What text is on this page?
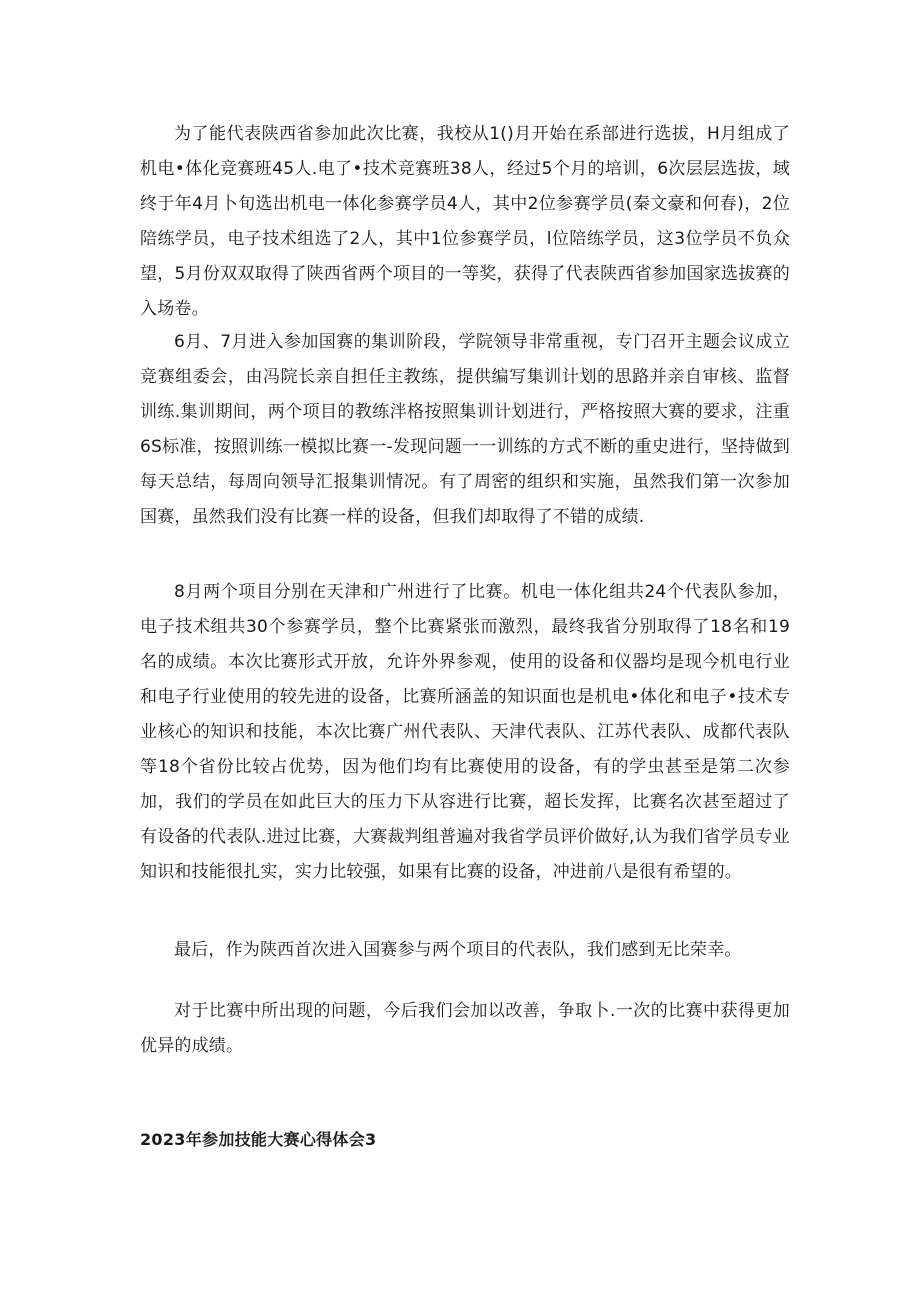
为了能代表陕西省参加此次比赛，我校从1()月开始在系部进行选拔，H月组成了机电•体化竞赛班45人.电了•技术竞赛班38人，经过5个月的培训，6次层层选拔，域终于年4月卜旬选出机电一体化参赛学员4人，其中2位参赛学员(秦文豪和何春)，2位陪练学员，电子技术组选了2人，其中1位参赛学员，l位陪练学员，这3位学员不负众望，5月份双双取得了陕西省两个项目的一等奖，获得了代表陕西省参加国家选拔赛的入场卷。

6月、7月进入参加国赛的集训阶段，学院领导非常重视，专门召开主题会议成立竞赛组委会，由冯院长亲自担任主教练，提供编写集训计划的思路并亲自审核、监督训练.集训期间，两个项目的教练泮格按照集训计划进行，严格按照大赛的要求，注重6S标准，按照训练一模拟比赛一-发现问题一一训练的方式不断的重史进行，坚持做到每天总结，每周向领导汇报集训情况。有了周密的组织和实施，虽然我们第一次参加国赛，虽然我们没有比赛一样的设备，但我们却取得了不错的成绩.

8月两个项目分别在天津和广州进行了比赛。机电一体化组共24个代表队参加，电子技术组共30个参赛学员，整个比赛紧张而激烈，最终我省分别取得了18名和19名的成绩。本次比赛形式开放，允许外界参观，使用的设备和仪器均是现今机电行业和电子行业使用的较先进的设备，比赛所涵盖的知识面也是机电•体化和电子•技术专业核心的知识和技能，本次比赛广州代表队、天津代表队、江苏代表队、成都代表队等18个省份比较占优势，因为他们均有比赛使用的设备，有的学虫甚至是第二次参加，我们的学员在如此巨大的压力下从容进行比赛，超长发挥，比赛名次甚至超过了有设备的代表队.进过比赛，大赛裁判组普遍对我省学员评价做好,认为我们省学员专业知识和技能很扎实，实力比较强，如果有比赛的设备，冲进前八是很有希望的。

最后，作为陕西首次进入国赛参与两个项目的代表队，我们感到无比荣幸。

对于比赛中所出现的问题，今后我们会加以改善，争取卜.一次的比赛中获得更加优异的成绩。

2023年参加技能大赛心得体会3
